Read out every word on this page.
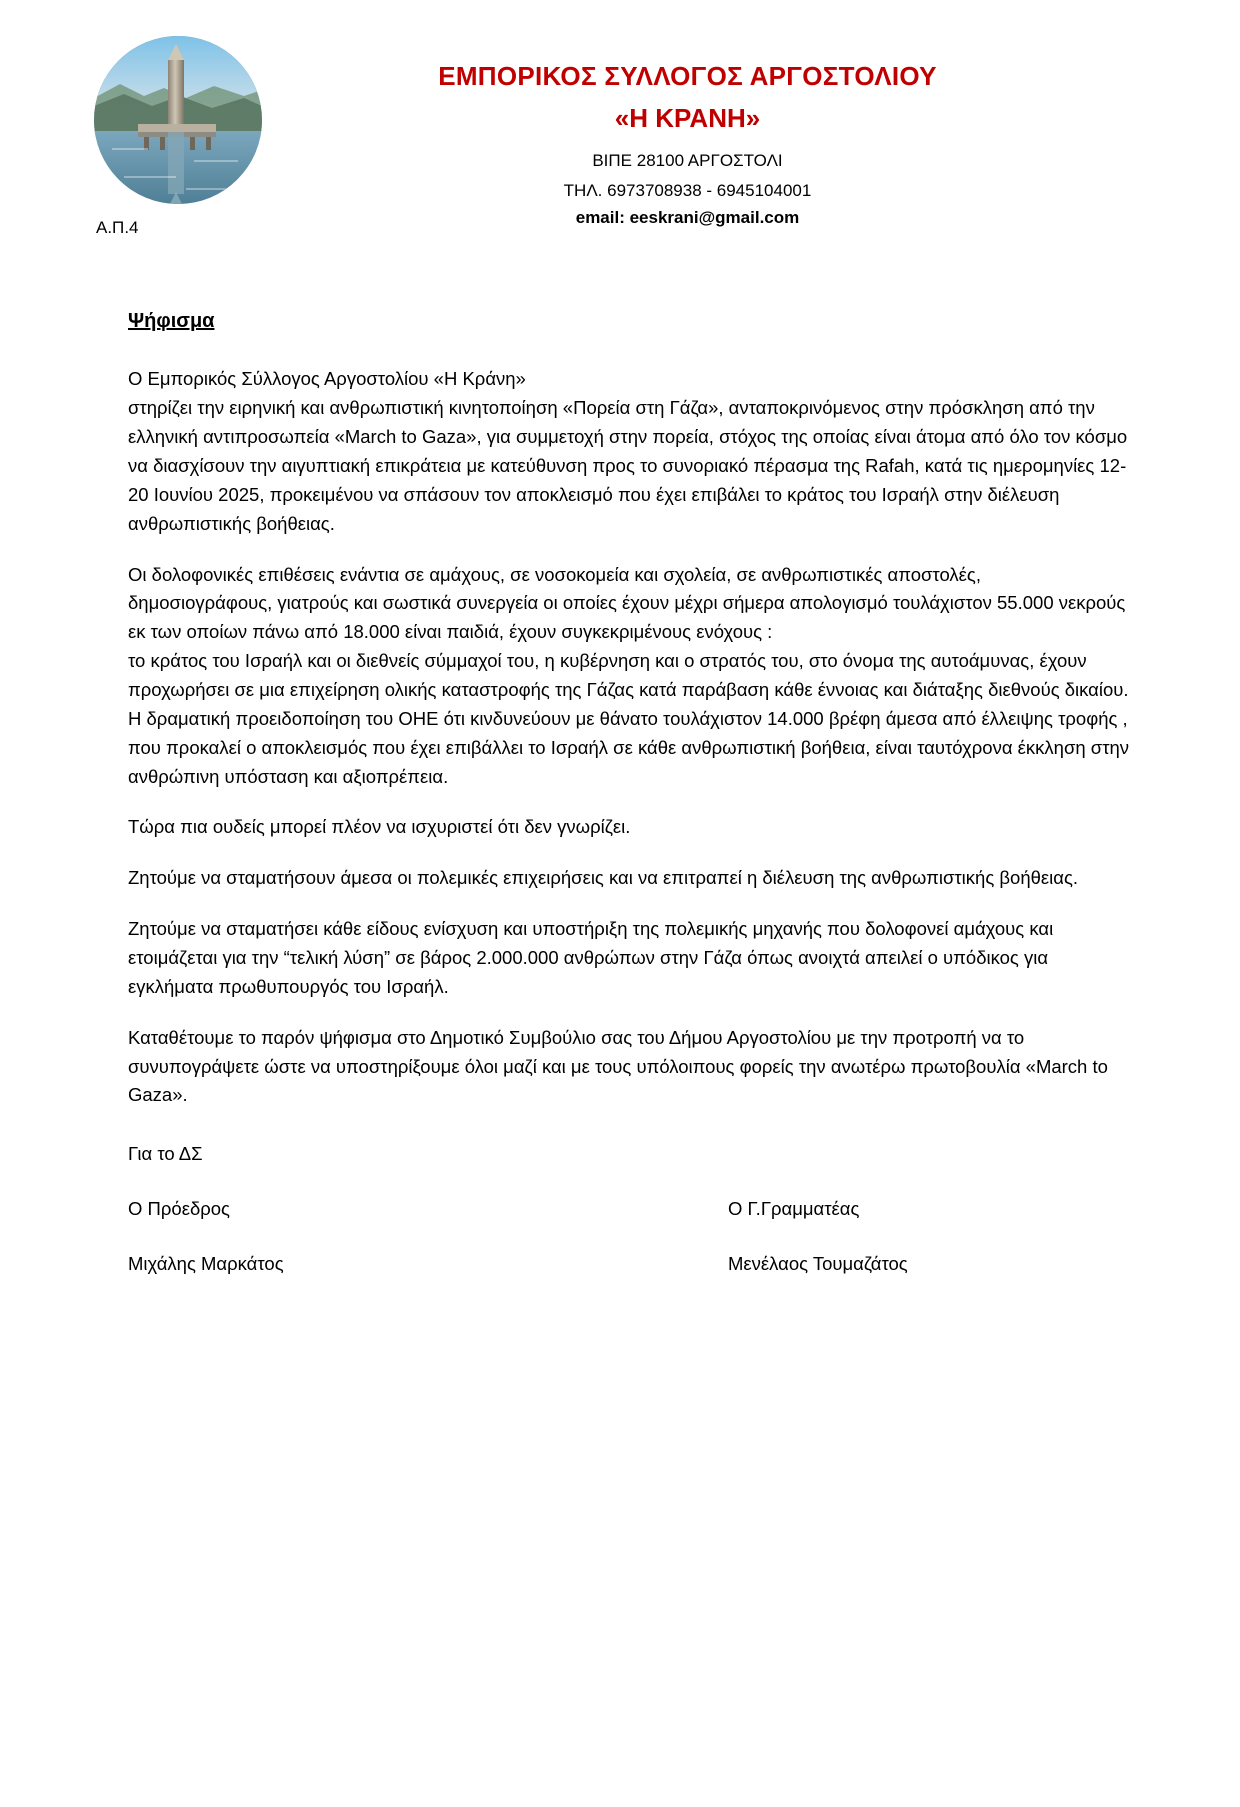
Α.Π.4
ΕΜΠΟΡΙΚΟΣ ΣΥΛΛΟΓΟΣ ΑΡΓΟΣΤΟΛΙΟΥ
«Η ΚΡΑΝΗ»
ΒΙΠΕ 28100 ΑΡΓΟΣΤΟΛΙ
ΤΗΛ. 6973708938 - 6945104001
email: eeskrani@gmail.com
Ψήφισμα

Ο Εμπορικός Σύλλογος Αργοστολίου «Η Κράνη»

στηρίζει την ειρηνική και ανθρωπιστική κινητοποίηση «Πορεία στη Γάζα», ανταποκρινόμενος στην πρόσκληση από την ελληνική αντιπροσωπεία «March to Gaza», για συμμετοχή στην πορεία, στόχος της οποίας είναι άτομα από όλο τον κόσμο να διασχίσουν την αιγυπτιακή επικράτεια με κατεύθυνση προς το συνοριακό πέρασμα της Rafah, κατά τις ημερομηνίες 12-20 Ιουνίου 2025, προκειμένου να σπάσουν τον αποκλεισμό που έχει επιβάλει το κράτος του Ισραήλ στην διέλευση ανθρωπιστικής βοήθειας.

Οι δολοφονικές επιθέσεις ενάντια σε αμάχους, σε νοσοκομεία και σχολεία, σε ανθρωπιστικές αποστολές, δημοσιογράφους, γιατρούς και σωστικά συνεργεία οι οποίες έχουν μέχρι σήμερα απολογισμό τουλάχιστον 55.000 νεκρούς εκ των οποίων πάνω από 18.000 είναι παιδιά, έχουν συγκεκριμένους ενόχους :

το κράτος του Ισραήλ και οι διεθνείς σύμμαχοί του, η κυβέρνηση και ο στρατός του, στο όνομα της αυτοάμυνας, έχουν προχωρήσει σε μια επιχείρηση ολικής καταστροφής της Γάζας κατά παράβαση κάθε έννοιας και διάταξης διεθνούς δικαίου.

Η δραματική προειδοποίηση του ΟΗΕ ότι κινδυνεύουν με θάνατο τουλάχιστον 14.000 βρέφη άμεσα από έλλειψης τροφής , που προκαλεί ο αποκλεισμός που έχει επιβάλλει το Ισραήλ σε κάθε ανθρωπιστική βοήθεια, είναι ταυτόχρονα έκκληση στην ανθρώπινη υπόσταση και αξιοπρέπεια.

Τώρα πια ουδείς μπορεί πλέον να ισχυριστεί ότι δεν γνωρίζει.

Ζητούμε να σταματήσουν άμεσα οι πολεμικές επιχειρήσεις και να επιτραπεί η διέλευση της ανθρωπιστικής βοήθειας.

Ζητούμε να σταματήσει κάθε είδους ενίσχυση και υποστήριξη της πολεμικής μηχανής που δολοφονεί αμάχους και ετοιμάζεται για την “τελική λύση” σε βάρος 2.000.000 ανθρώπων στην Γάζα όπως ανοιχτά απειλεί ο υπόδικος για εγκλήματα πρωθυπουργός του Ισραήλ.

Καταθέτουμε το παρόν ψήφισμα στο Δημοτικό Συμβούλιο σας του Δήμου Αργοστολίου με την προτροπή να το συνυπογράψετε ώστε να υποστηρίξουμε όλοι μαζί και με τους υπόλοιπους φορείς την ανωτέρω πρωτοβουλία «March to Gaza».

Για το ΔΣ
Ο Πρόεδρος	Ο Γ.Γραμματέας
Μιχάλης Μαρκάτος	Μενέλαος Τουμαζάτος
